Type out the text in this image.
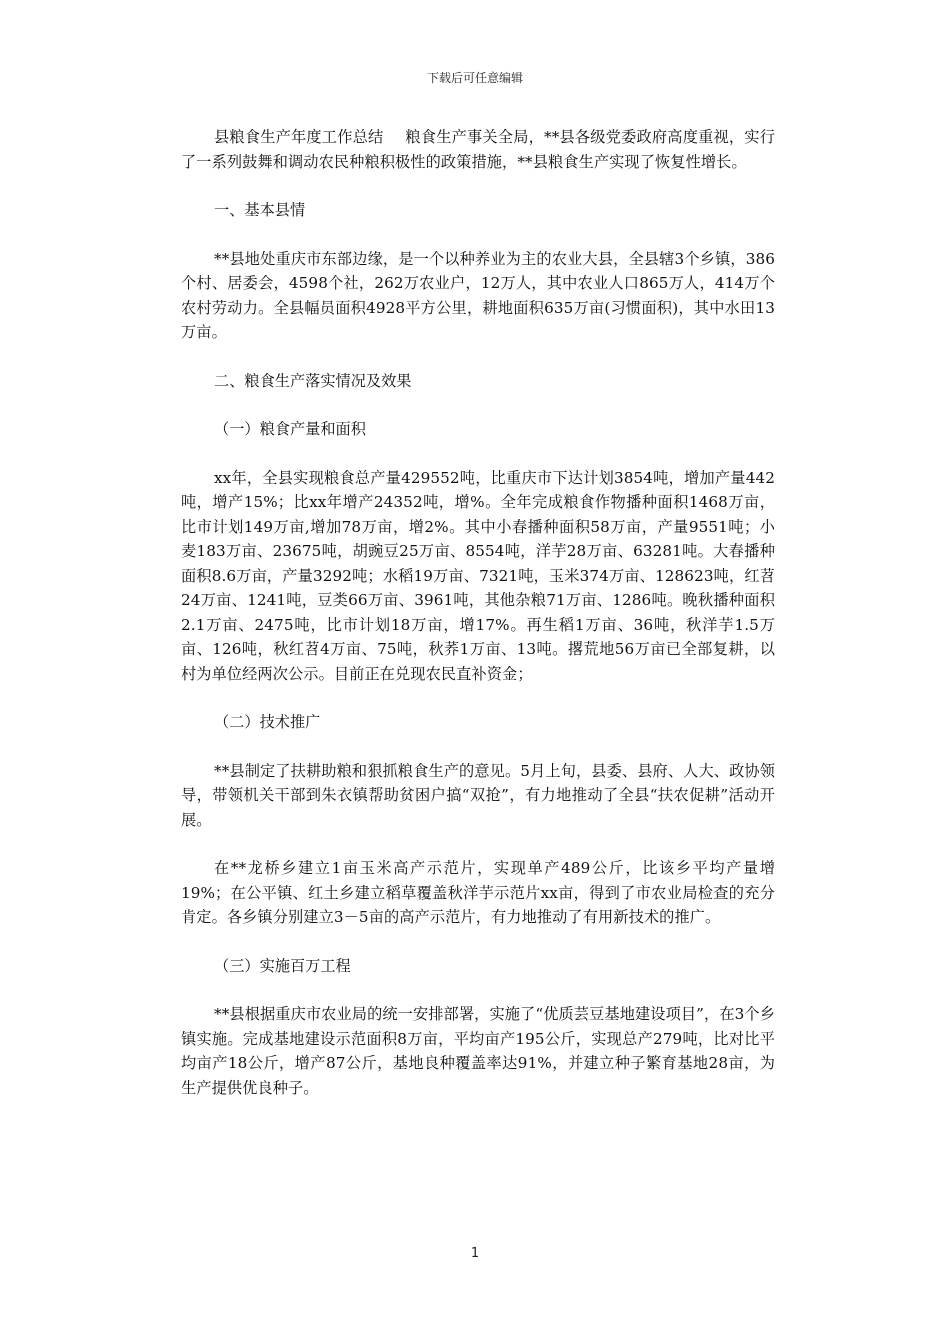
下载后可任意编辑

县粮食生产年度工作总结 粮食生产事关全局，**县各级党委政府高度重视，实行了一系列鼓舞和调动农民种粮积极性的政策措施，**县粮食生产实现了恢复性增长。

一、基本县情

**县地处重庆市东部边缘，是一个以种养业为主的农业大县，全县辖3个乡镇，386个村、居委会，4598个社，262万农业户，12万人，其中农业人口865万人，414万个农村劳动力。全县幅员面积4928平方公里，耕地面积635万亩(习惯面积)，其中水田13万亩。

二、粮食生产落实情况及效果

（一）粮食产量和面积

xx年，全县实现粮食总产量429552吨，比重庆市下达计划3854吨，增加产量442吨，增产15%；比xx年增产24352吨，增%。全年完成粮食作物播种面积1468万亩，比市计划149万亩,增加78万亩，增2%。其中小春播种面积58万亩，产量9551吨；小麦183万亩、23675吨，胡豌豆25万亩、8554吨，洋芋28万亩、63281吨。大春播种面积8.6万亩，产量3292吨；水稻19万亩、7321吨，玉米374万亩、128623吨，红苕24万亩、1241吨，豆类66万亩、3961吨，其他杂粮71万亩、1286吨。晚秋播种面积2.1万亩、2475吨，比市计划18万亩，增17%。再生稻1万亩、36吨，秋洋芋1.5万亩、126吨，秋红苕4万亩、75吨，秋荞1万亩、13吨。撂荒地56万亩已全部复耕，以村为单位经两次公示。目前正在兑现农民直补资金；

（二）技术推广

**县制定了扶耕助粮和狠抓粮食生产的意见。5月上旬，县委、县府、人大、政协领导，带领机关干部到朱衣镇帮助贫困户搞“双抢”，有力地推动了全县“扶农促耕”活动开展。

在**龙桥乡建立1亩玉米高产示范片，实现单产489公斤，比该乡平均产量增19%；在公平镇、红土乡建立稻草覆盖秋洋芋示范片xx亩，得到了市农业局检查的充分肯定。各乡镇分别建立3－5亩的高产示范片，有力地推动了有用新技术的推广。

（三）实施百万工程

**县根据重庆市农业局的统一安排部署，实施了“优质芸豆基地建设项目”，在3个乡镇实施。完成基地建设示范面积8万亩，平均亩产195公斤，实现总产279吨，比对比平均亩产18公斤，增产87公斤，基地良种覆盖率达91%，并建立种子繁育基地28亩，为生产提供优良种子。

1
